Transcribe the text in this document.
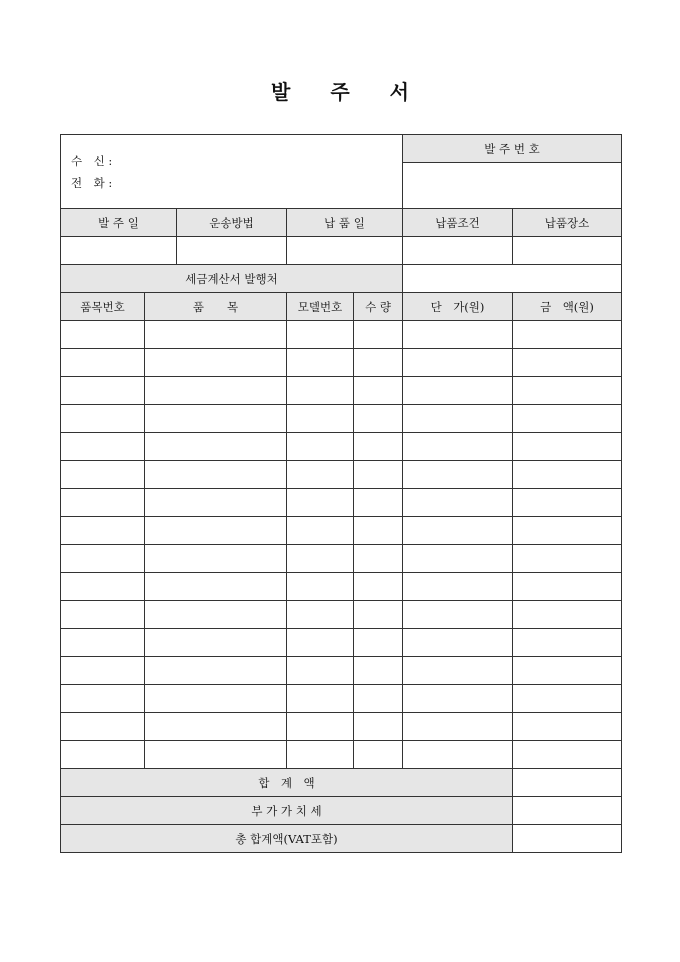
발 주 서
수　신 :
전　화 :					발 주 번 호	

발 주 일		운송방법	납 품 일		납품조건	납품장소

세금계산서 발행처						
품목번호	품　　목		모델번호	수 량	단　가(원)	금　액(원)

합　계　액						
부 가 가 치 세						
총 합계액(VAT포함)						
